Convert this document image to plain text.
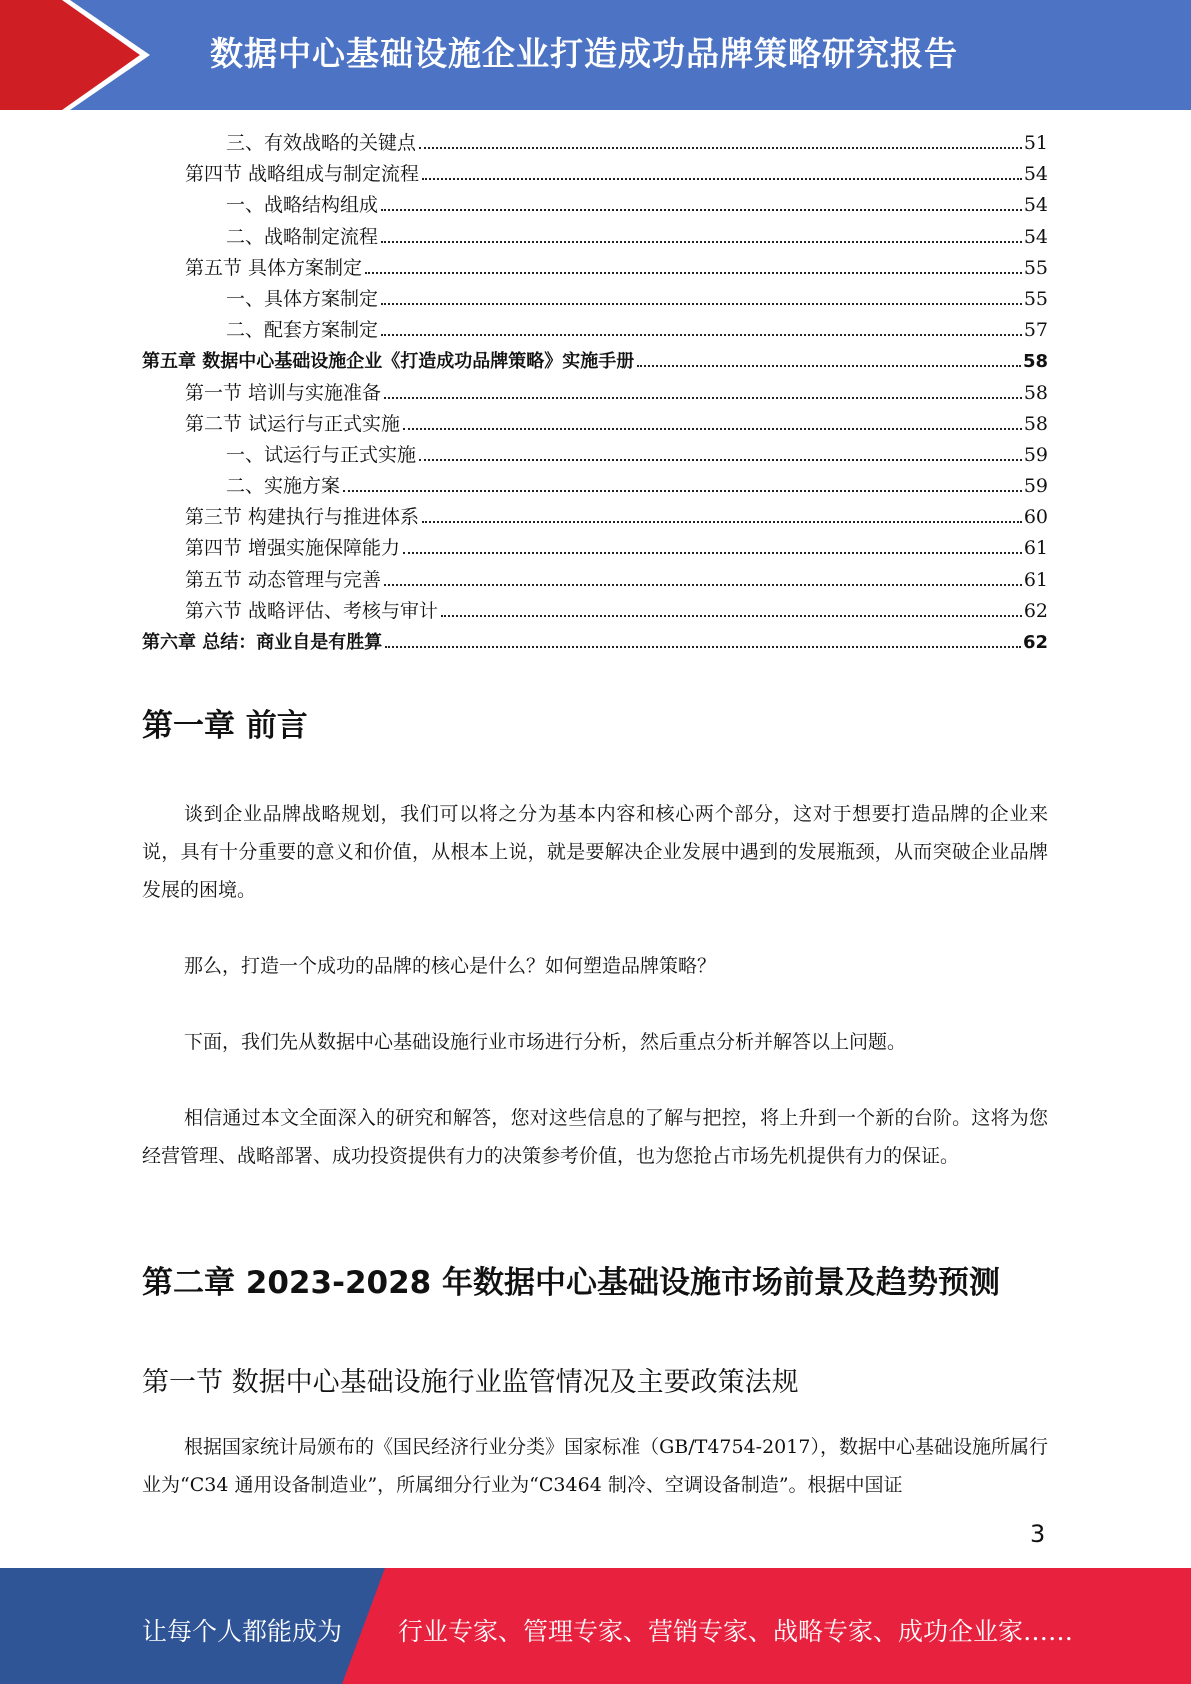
数据中心基础设施企业打造成功品牌策略研究报告
三、有效战略的关键点	51
第四节 战略组成与制定流程	54
一、战略结构组成	54
二、战略制定流程	54
第五节 具体方案制定	55
一、具体方案制定	55
二、配套方案制定	57
第五章 数据中心基础设施企业《打造成功品牌策略》实施手册	58
第一节 培训与实施准备	58
第二节 试运行与正式实施	58
一、试运行与正式实施	59
二、实施方案	59
第三节 构建执行与推进体系	60
第四节 增强实施保障能力	61
第五节 动态管理与完善	61
第六节 战略评估、考核与审计	62
第六章 总结：商业自是有胜算	62
第一章 前言

谈到企业品牌战略规划，我们可以将之分为基本内容和核心两个部分，这对于想要打造品牌的企业来说，具有十分重要的意义和价值，从根本上说，就是要解决企业发展中遇到的发展瓶颈，从而突破企业品牌发展的困境。

那么，打造一个成功的品牌的核心是什么？如何塑造品牌策略？

下面，我们先从数据中心基础设施行业市场进行分析，然后重点分析并解答以上问题。

相信通过本文全面深入的研究和解答，您对这些信息的了解与把控，将上升到一个新的台阶。这将为您经营管理、战略部署、成功投资提供有力的决策参考价值，也为您抢占市场先机提供有力的保证。

第二章 2023-2028 年数据中心基础设施市场前景及趋势预测
第一节 数据中心基础设施行业监管情况及主要政策法规

根据国家统计局颁布的《国民经济行业分类》国家标准（GB/T4754-2017），数据中心基础设施所属行业为“C34 通用设备制造业”，所属细分行业为“C3464 制冷、空调设备制造”。根据中国证

3
让每个人都能成为 行业专家、管理专家、营销专家、战略专家、成功企业家……
